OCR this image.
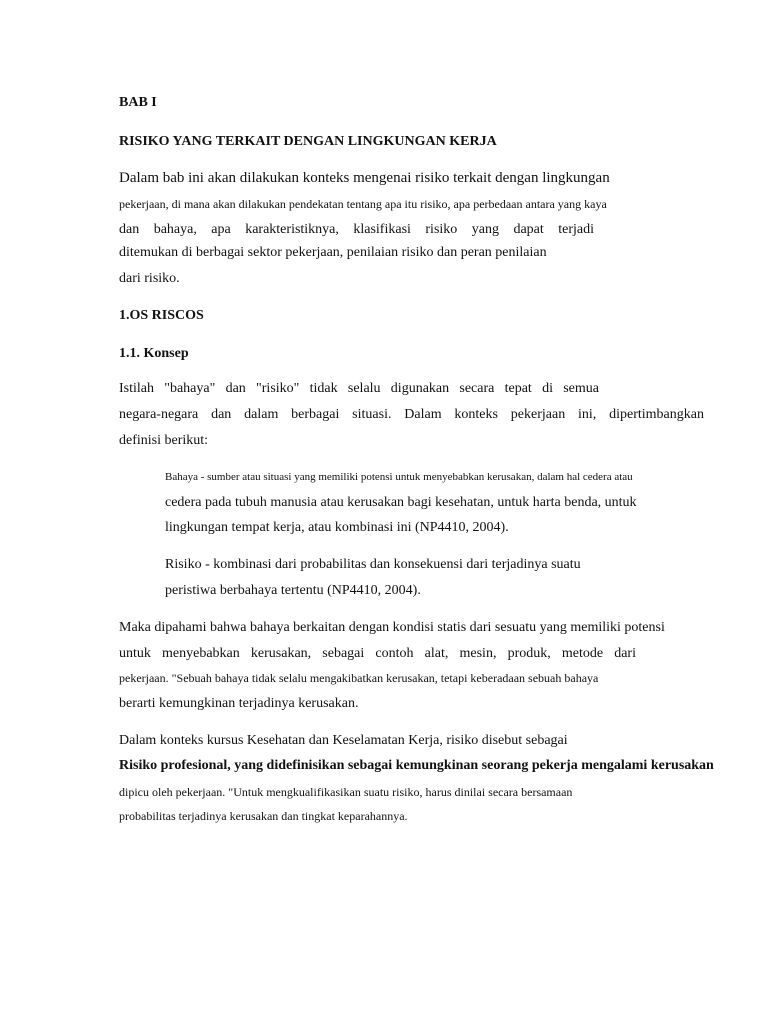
BAB I
RISIKO YANG TERKAIT DENGAN LINGKUNGAN KERJA
Dalam bab ini akan dilakukan konteks mengenai risiko terkait dengan lingkungan
pekerjaan, di mana akan dilakukan pendekatan tentang apa itu risiko, apa perbedaan antara yang kaya
dan bahaya, apa karakteristiknya, klasifikasi risiko yang dapat terjadi
ditemukan di berbagai sektor pekerjaan, penilaian risiko dan peran penilaian
dari risiko.
1.OS RISCOS
1.1. Konsep
Istilah "bahaya" dan "risiko" tidak selalu digunakan secara tepat di semua
negara-negara dan dalam berbagai situasi. Dalam konteks pekerjaan ini, dipertimbangkan
definisi berikut:
Bahaya - sumber atau situasi yang memiliki potensi untuk menyebabkan kerusakan, dalam hal cedera atau
cedera pada tubuh manusia atau kerusakan bagi kesehatan, untuk harta benda, untuk
lingkungan tempat kerja, atau kombinasi ini (NP4410, 2004).
Risiko - kombinasi dari probabilitas dan konsekuensi dari terjadinya suatu
peristiwa berbahaya tertentu (NP4410, 2004).
Maka dipahami bahwa bahaya berkaitan dengan kondisi statis dari sesuatu yang memiliki potensi
untuk menyebabkan kerusakan, sebagai contoh alat, mesin, produk, metode dari
pekerjaan. "Sebuah bahaya tidak selalu mengakibatkan kerusakan, tetapi keberadaan sebuah bahaya
berarti kemungkinan terjadinya kerusakan.
Dalam konteks kursus Kesehatan dan Keselamatan Kerja, risiko disebut sebagai
Risiko profesional, yang didefinisikan sebagai kemungkinan seorang pekerja mengalami kerusakan
dipicu oleh pekerjaan. "Untuk mengkualifikasikan suatu risiko, harus dinilai secara bersamaan
probabilitas terjadinya kerusakan dan tingkat keparahannya.
